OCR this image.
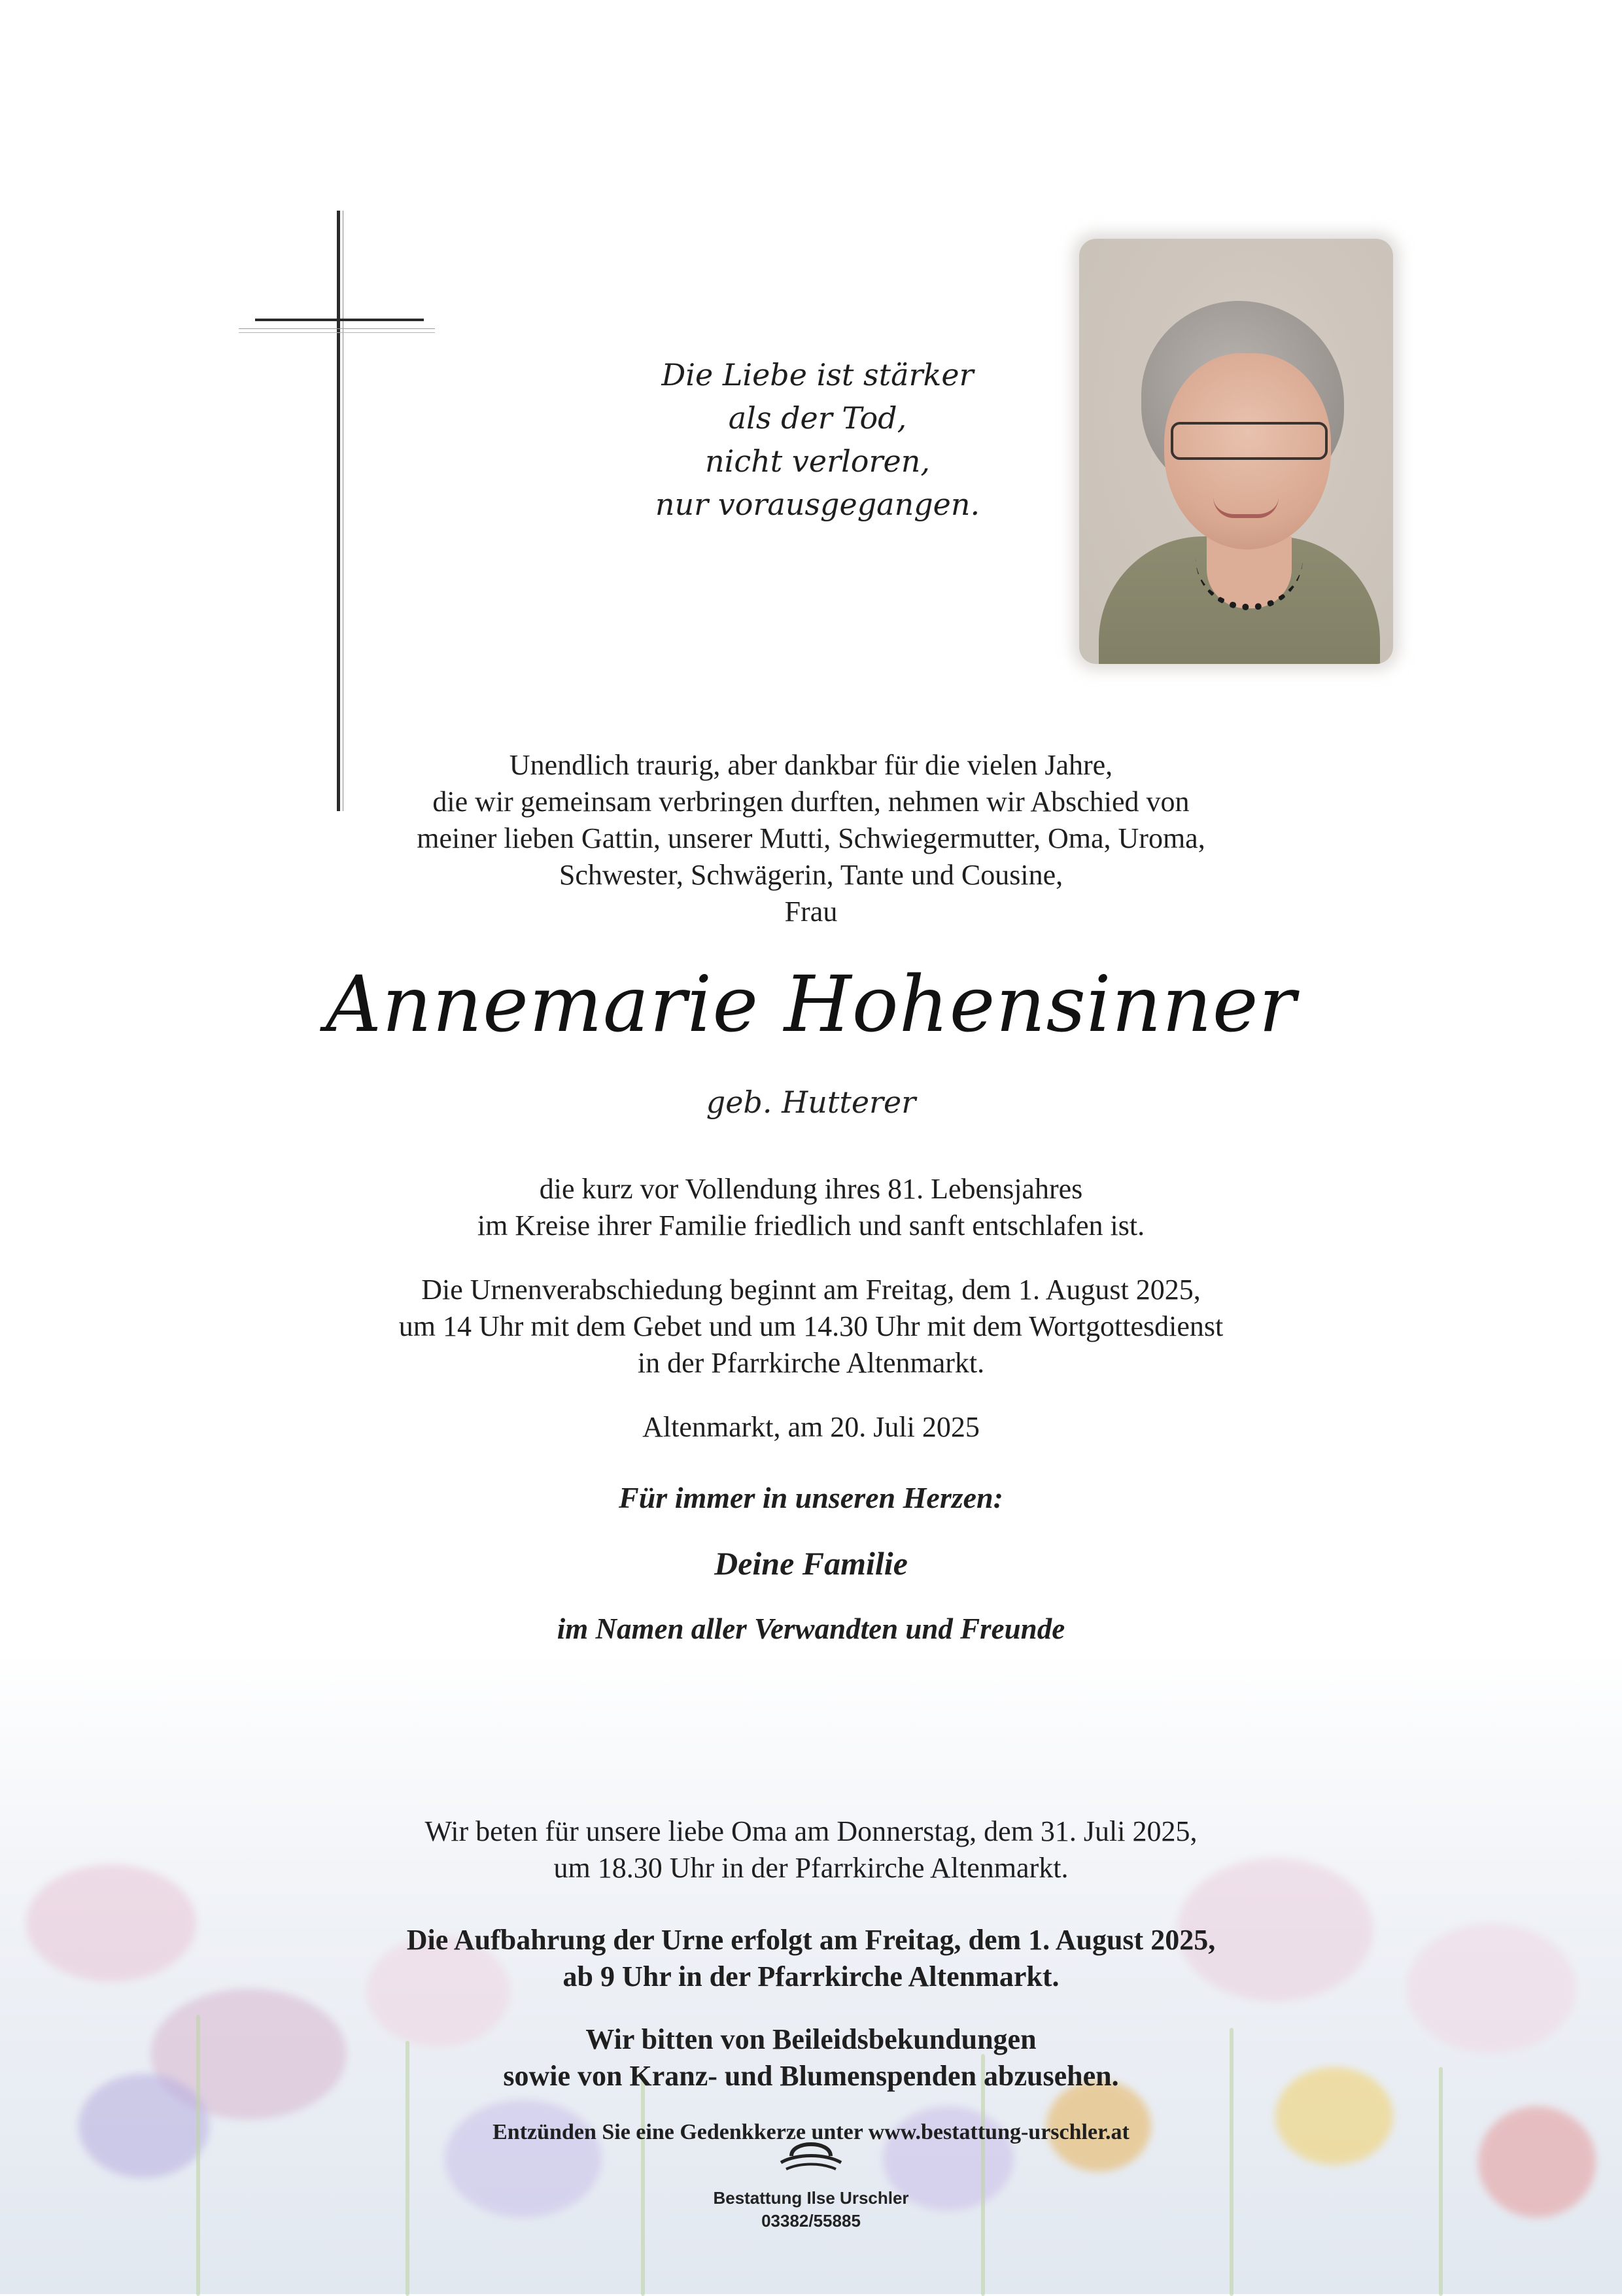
Die Liebe ist stärker
als der Tod,
nicht verloren,
nur vorausgegangen.
Unendlich traurig, aber dankbar für die vielen Jahre,
die wir gemeinsam verbringen durften, nehmen wir Abschied von
meiner lieben Gattin, unserer Mutti, Schwiegermutter, Oma, Uroma,
Schwester, Schwägerin, Tante und Cousine,
Frau
Annemarie Hohensinner
geb. Hutterer
die kurz vor Vollendung ihres 81. Lebensjahres
im Kreise ihrer Familie friedlich und sanft entschlafen ist.
Die Urnenverabschiedung beginnt am Freitag, dem 1. August 2025,
um 14 Uhr mit dem Gebet und um 14.30 Uhr mit dem Wortgottesdienst
in der Pfarrkirche Altenmarkt.
Altenmarkt, am 20. Juli 2025
Für immer in unseren Herzen:
Deine Familie
im Namen aller Verwandten und Freunde
Wir beten für unsere liebe Oma am Donnerstag, dem 31. Juli 2025,
um 18.30 Uhr in der Pfarrkirche Altenmarkt.
Die Aufbahrung der Urne erfolgt am Freitag, dem 1. August 2025,
ab 9 Uhr in der Pfarrkirche Altenmarkt.
Wir bitten von Beileidsbekundungen
sowie von Kranz- und Blumenspenden abzusehen.
Entzünden Sie eine Gedenkkerze unter www.bestattung-urschler.at
Bestattung Ilse Urschler
03382/55885
